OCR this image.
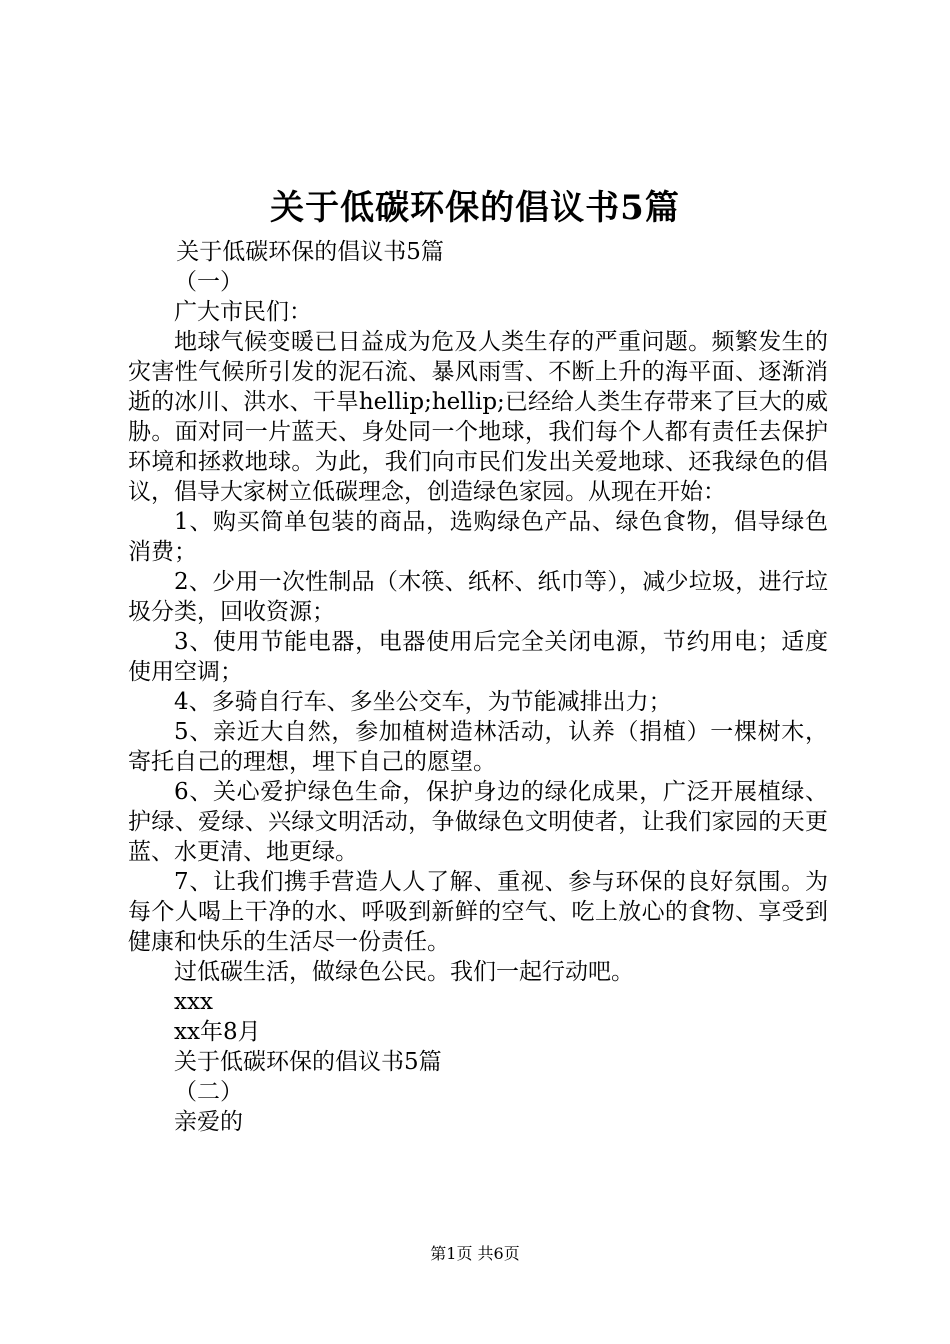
关于低碳环保的倡议书5篇

关于低碳环保的倡议书5篇

（一）

广大市民们：

地球气候变暖已日益成为危及人类生存的严重问题。频繁发生的灾害性气候所引发的泥石流、暴风雨雪、不断上升的海平面、逐渐消逝的冰川、洪水、干旱hellip;hellip;已经给人类生存带来了巨大的威胁。面对同一片蓝天、身处同一个地球，我们每个人都有责任去保护环境和拯救地球。为此，我们向市民们发出关爱地球、还我绿色的倡议，倡导大家树立低碳理念，创造绿色家园。从现在开始：

1、购买简单包装的商品，选购绿色产品、绿色食物，倡导绿色消费；

2、少用一次性制品（木筷、纸杯、纸巾等），减少垃圾，进行垃圾分类，回收资源；

3、使用节能电器，电器使用后完全关闭电源，节约用电；适度使用空调；

4、多骑自行车、多坐公交车，为节能减排出力；

5、亲近大自然，参加植树造林活动，认养（捐植）一棵树木，寄托自己的理想，埋下自己的愿望。

6、关心爱护绿色生命，保护身边的绿化成果，广泛开展植绿、护绿、爱绿、兴绿文明活动，争做绿色文明使者，让我们家园的天更蓝、水更清、地更绿。

7、让我们携手营造人人了解、重视、参与环保的良好氛围。为每个人喝上干净的水、呼吸到新鲜的空气、吃上放心的食物、享受到健康和快乐的生活尽一份责任。

过低碳生活，做绿色公民。我们一起行动吧。

xxx

xx年8月

关于低碳环保的倡议书5篇

（二）

亲爱的

第1页 共6页
